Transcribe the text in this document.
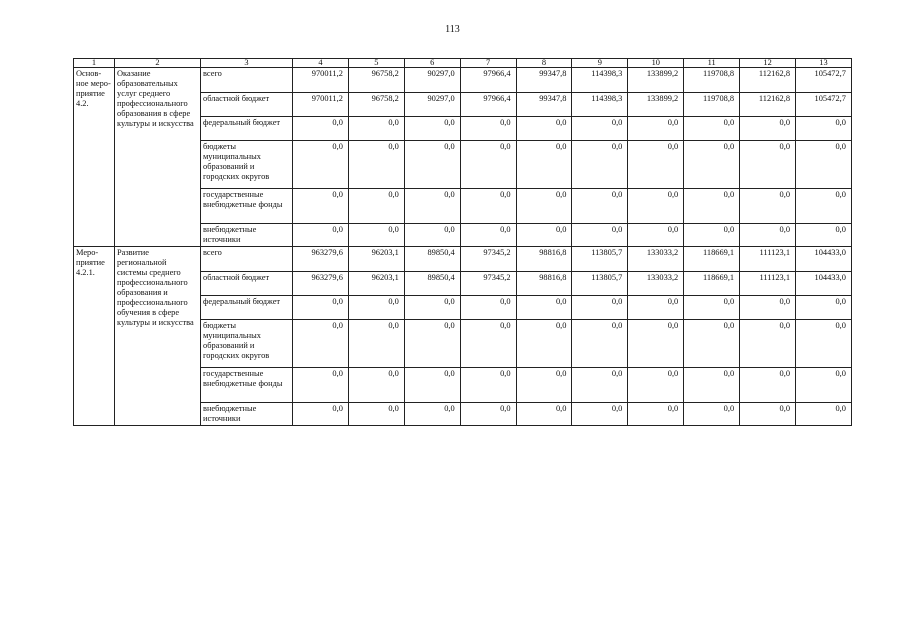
113
1	2	3	4	5	6	7	8	9	10	11	12	13
Основ-ное меро-приятие 4.2.	Оказание образовательных услуг среднего профессионального образования в сфере культуры и искусства	всего	970011,2	96758,2	90297,0	97966,4	99347,8	114398,3	133899,2	119708,8	112162,8	105472,7
		областной бюджет	970011,2	96758,2	90297,0	97966,4	99347,8	114398,3	133899,2	119708,8	112162,8	105472,7
		федеральный бюджет	0,0	0,0	0,0	0,0	0,0	0,0	0,0	0,0	0,0	0,0
		бюджеты муниципальных образований и городских округов	0,0	0,0	0,0	0,0	0,0	0,0	0,0	0,0	0,0	0,0
		государственные внебюджетные фонды	0,0	0,0	0,0	0,0	0,0	0,0	0,0	0,0	0,0	0,0
		внебюджетные источники	0,0	0,0	0,0	0,0	0,0	0,0	0,0	0,0	0,0	0,0
Меро-приятие 4.2.1.	Развитие региональной системы среднего профессионального образования и профессионального обучения в сфере культуры и искусства	всего	963279,6	96203,1	89850,4	97345,2	98816,8	113805,7	133033,2	118669,1	111123,1	104433,0
		областной бюджет	963279,6	96203,1	89850,4	97345,2	98816,8	113805,7	133033,2	118669,1	111123,1	104433,0
		федеральный бюджет	0,0	0,0	0,0	0,0	0,0	0,0	0,0	0,0	0,0	0,0
		бюджеты муниципальных образований и городских округов	0,0	0,0	0,0	0,0	0,0	0,0	0,0	0,0	0,0	0,0
		государственные внебюджетные фонды	0,0	0,0	0,0	0,0	0,0	0,0	0,0	0,0	0,0	0,0
		внебюджетные источники	0,0	0,0	0,0	0,0	0,0	0,0	0,0	0,0	0,0	0,0
